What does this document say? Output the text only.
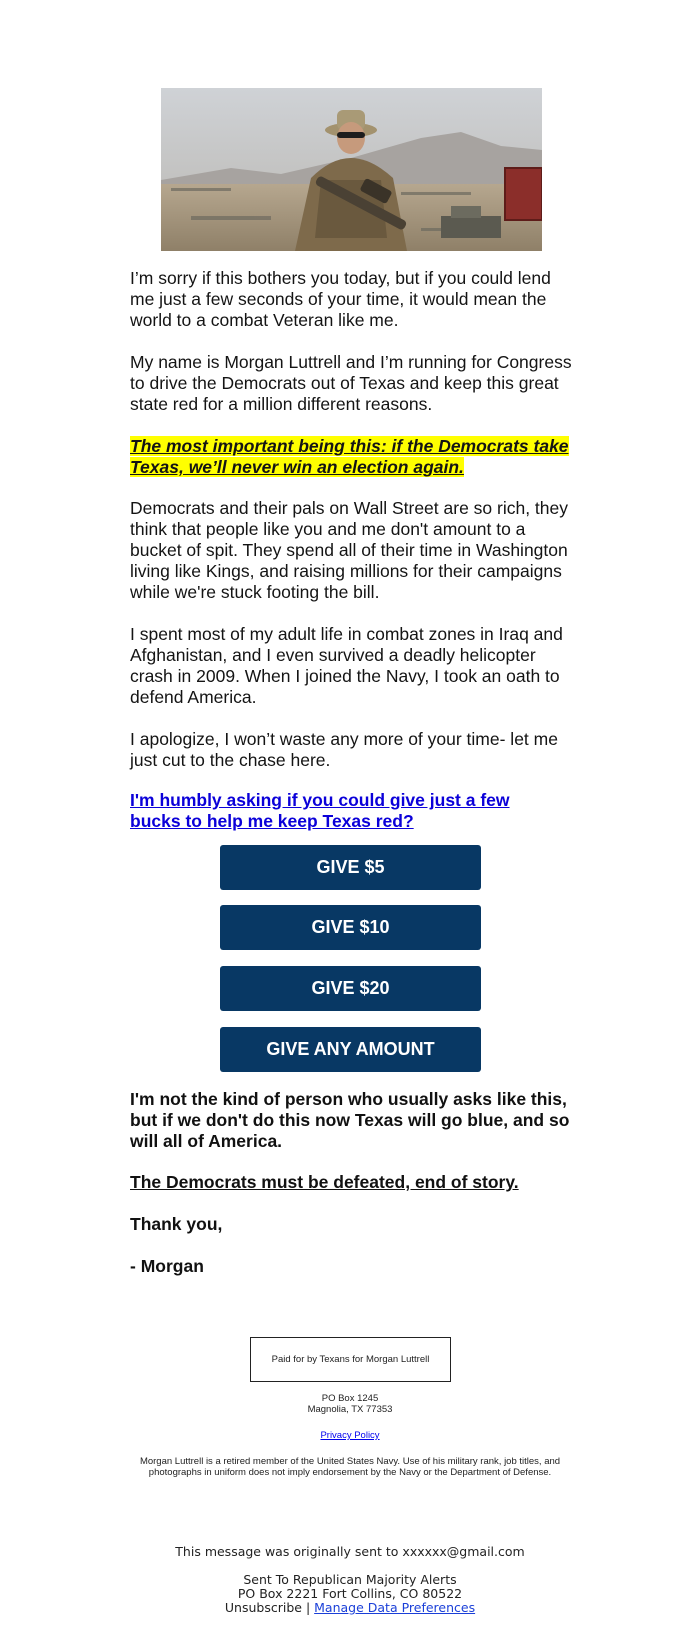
I’m sorry if this bothers you today, but if you could lend me just a few seconds of your time, it would mean the world to a combat Veteran like me.
My name is Morgan Luttrell and I’m running for Congress to drive the Democrats out of Texas and keep this great state red for a million different reasons.
The most important being this: if the Democrats take Texas, we’ll never win an election again.
Democrats and their pals on Wall Street are so rich, they think that people like you and me don't amount to a bucket of spit. They spend all of their time in Washington living like Kings, and raising millions for their campaigns while we're stuck footing the bill.
I spent most of my adult life in combat zones in Iraq and Afghanistan, and I even survived a deadly helicopter crash in 2009. When I joined the Navy, I took an oath to defend America.
I apologize, I won’t waste any more of your time- let me just cut to the chase here.
I'm humbly asking if you could give just a few bucks to help me keep Texas red?
GIVE $5
GIVE $10
GIVE $20
GIVE ANY AMOUNT
I'm not the kind of person who usually asks like this, but if we don't do this now Texas will go blue, and so will all of America.
The Democrats must be defeated, end of story.
Thank you,
- Morgan
Paid for by Texans for Morgan Luttrell
PO Box 1245
Magnolia, TX 77353
Privacy Policy
Morgan Luttrell is a retired member of the United States Navy. Use of his military rank, job titles, and photographs in uniform does not imply endorsement by the Navy or the Department of Defense.
This message was originally sent to xxxxxx@gmail.com
Sent To Republican Majority Alerts
PO Box 2221 Fort Collins, CO 80522
Unsubscribe | Manage Data Preferences
